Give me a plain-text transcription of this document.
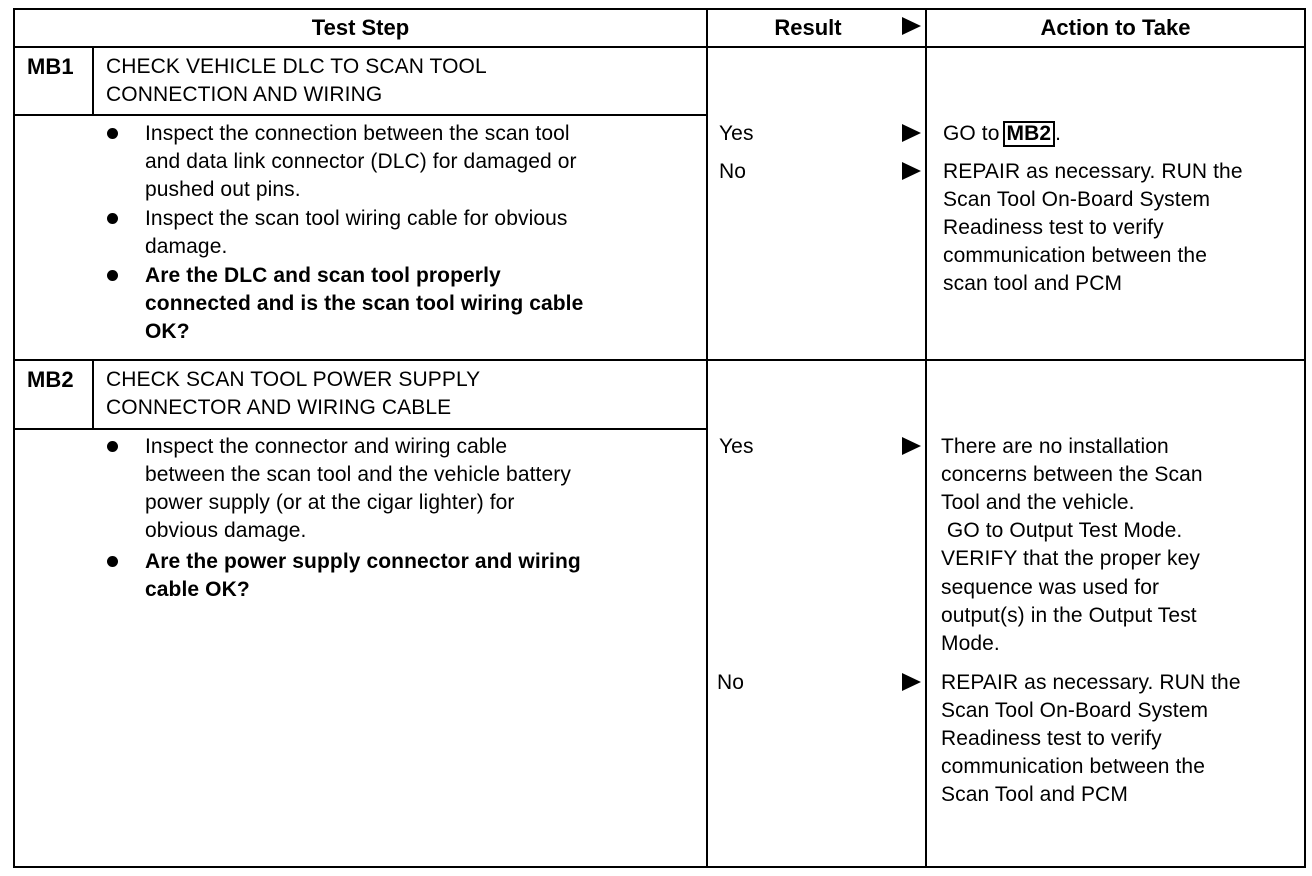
Test Step	Result	Action to Take
MB1 CHECK VEHICLE DLC TO SCAN TOOL
CONNECTION AND WIRING
Inspect the connection between the scan tool
and data link connector (DLC) for damaged or
pushed out pins.
Inspect the scan tool wiring cable for obvious
damage.
Are the DLC and scan tool properly
connected and is the scan tool wiring cable
OK?
Yes	GO to MB2 .
No	REPAIR as necessary. RUN the
Scan Tool On-Board System
Readiness test to verify
communication between the
scan tool and PCM
MB2 CHECK SCAN TOOL POWER SUPPLY
CONNECTOR AND WIRING CABLE
Inspect the connector and wiring cable
between the scan tool and the vehicle battery
power supply (or at the cigar lighter) for
obvious damage.
Are the power supply connector and wiring
cable OK?
Yes	There are no installation
concerns between the Scan
Tool and the vehicle.
GO to Output Test Mode.
VERIFY that the proper key
sequence was used for
output(s) in the Output Test
Mode.
No	REPAIR as necessary. RUN the
Scan Tool On-Board System
Readiness test to verify
communication between the
Scan Tool and PCM
